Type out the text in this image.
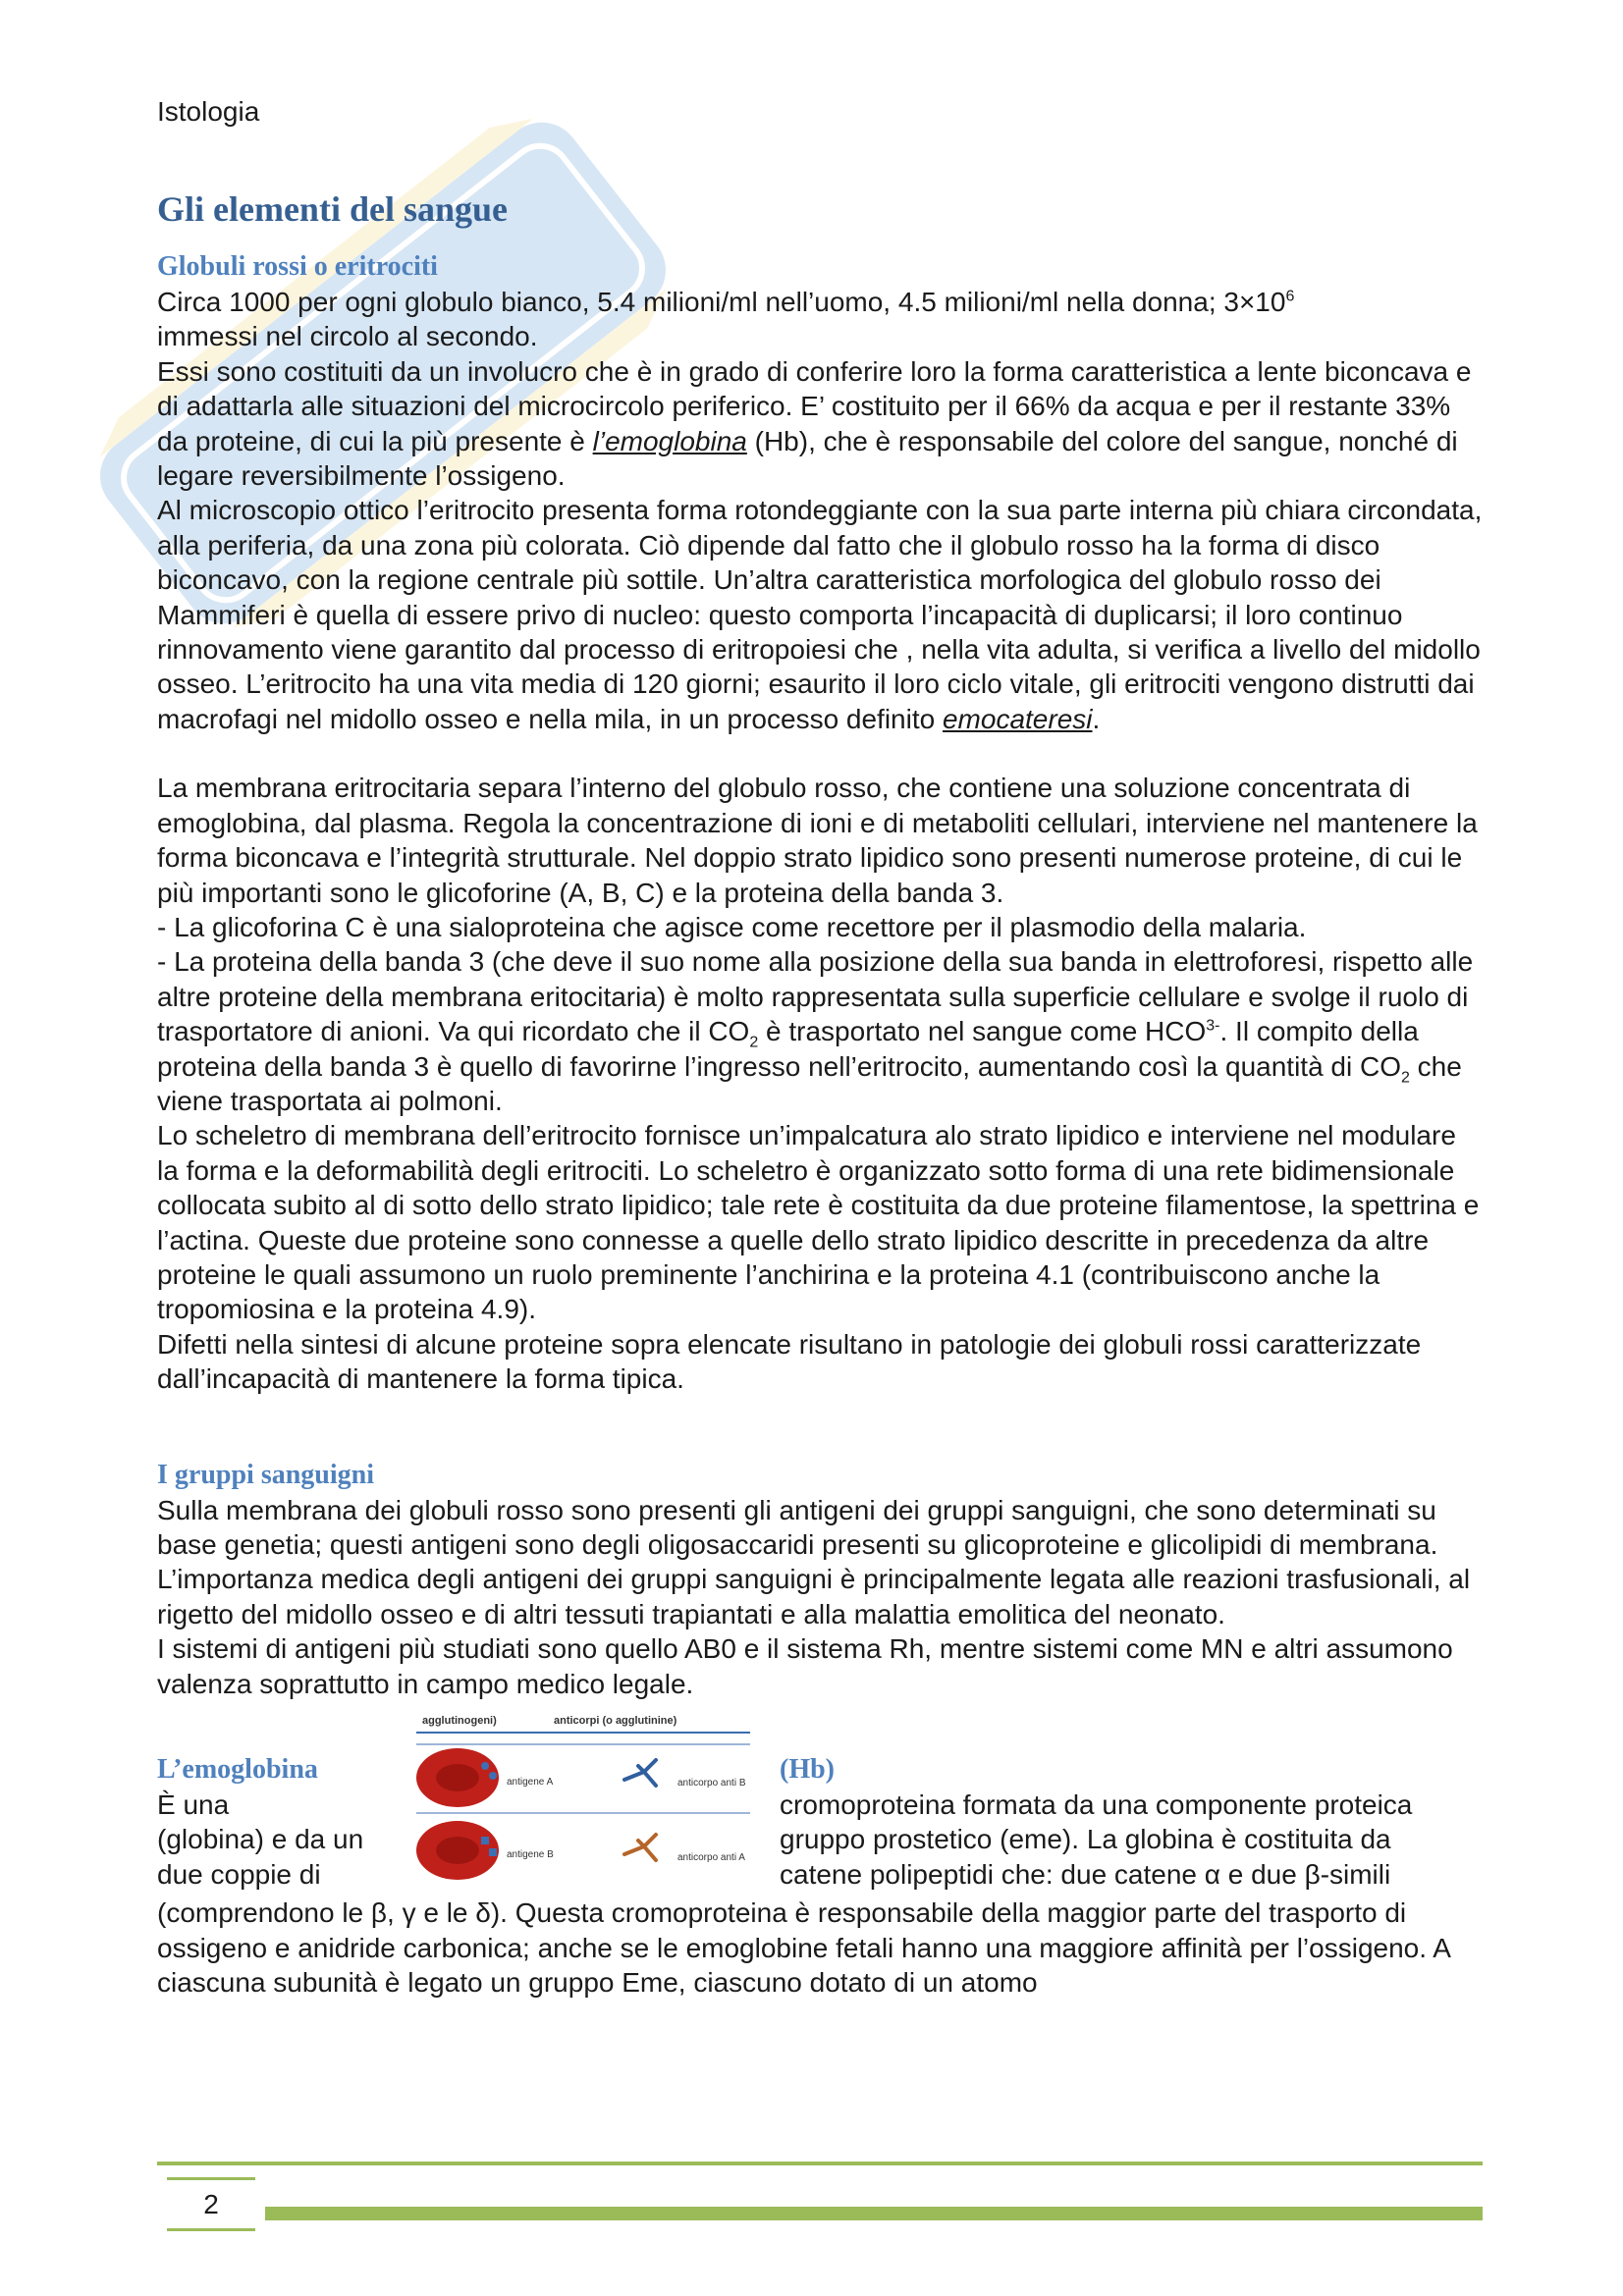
Istologia
Gli elementi del sangue
Globuli rossi o eritrociti

Circa 1000 per ogni globulo bianco, 5.4 milioni/ml nell’uomo, 4.5 milioni/ml nella donna; $3\times 10^6$
immessi nel circolo al secondo.

Essi sono costituiti da un involucro che è in grado di conferire loro la forma caratteristica a lente biconcava e di adattarla alle situazioni del microcircolo periferico. E’ costituito per il 66% da acqua e per il restante 33% da proteine, di cui la più presente è l’emoglobina (Hb), che è responsabile del colore del sangue, nonché di legare reversibilmente l’ossigeno.

Al microscopio ottico l’eritrocito presenta forma rotondeggiante con la sua parte interna più chiara circondata, alla periferia, da una zona più colorata. Ciò dipende dal fatto che il globulo rosso ha la forma di disco biconcavo, con la regione centrale più sottile. Un’altra caratteristica morfologica del globulo rosso dei Mammiferi è quella di essere privo di nucleo: questo comporta l’incapacità di duplicarsi; il loro continuo rinnovamento viene garantito dal processo di eritropoiesi che , nella vita adulta, si verifica a livello del midollo osseo. L’eritrocito ha una vita media di 120 giorni; esaurito il loro ciclo vitale, gli eritrociti vengono distrutti dai macrofagi nel midollo osseo e nella mila, in un processo definito emocateresi.

La membrana eritrocitaria separa l’interno del globulo rosso, che contiene una soluzione concentrata di emoglobina, dal plasma. Regola la concentrazione di ioni e di metaboliti cellulari, interviene nel mantenere la forma biconcava e l’integrità strutturale. Nel doppio strato lipidico sono presenti numerose proteine, di cui le più importanti sono le glicoforine (A, B, C) e la proteina della banda 3.

- La glicoforina C è una sialoproteina che agisce come recettore per il plasmodio della malaria.

- La proteina della banda 3 (che deve il suo nome alla posizione della sua banda in elettroforesi, rispetto alle altre proteine della membrana eritocitaria) è molto rappresentata sulla superficie cellulare e svolge il ruolo di trasportatore di anioni. Va qui ricordato che il $CO_2$ è trasportato nel sangue come $HCO^{3-}$. Il compito della proteina della banda 3 è quello di favorirne l’ingresso nell’eritrocito, aumentando così la quantità di $CO_2$ che viene trasportata ai polmoni.

Lo scheletro di membrana dell’eritrocito fornisce un’impalcatura alo strato lipidico e interviene nel modulare la forma e la deformabilità degli eritrociti. Lo scheletro è organizzato sotto forma di una rete bidimensionale collocata subito al di sotto dello strato lipidico; tale rete è costituita da due proteine filamentose, la spettrina e l’actina. Queste due proteine sono connesse a quelle dello strato lipidico descritte in precedenza da altre proteine le quali assumono un ruolo preminente l’anchirina e la proteina 4.1 (contribuiscono anche la tropomiosina e la proteina 4.9).

Difetti nella sintesi di alcune proteine sopra elencate risultano in patologie dei globuli rossi caratterizzate dall’incapacità di mantenere la forma tipica.

I gruppi sanguigni

Sulla membrana dei globuli rosso sono presenti gli antigeni dei gruppi sanguigni, che sono determinati su base genetia; questi antigeni sono degli oligosaccaridi presenti su glicoproteine e glicolipidi di membrana. L’importanza medica degli antigeni dei gruppi sanguigni è principalmente legata alle reazioni trasfusionali, al rigetto del midollo osseo e di altri tessuti trapiantati e alla malattia emolitica del neonato.

I sistemi di antigeni più studiati sono quello AB0 e il sistema Rh, mentre sistemi come MN e altri assumono valenza soprattutto in campo medico legale.

L’emoglobina
È una
(globina) e da un
due coppie di
agglutinogeni)	anticorpi (o agglutinine)
antigene A	anticorpo anti B
antigene B	anticorpo anti A
(Hb)
cromoproteina formata da una componente proteica
gruppo prostetico (eme). La globina è costituita da
catene polipeptidi che: due catene α e due β-simili

(comprendono le β, γ e le δ). Questa cromoproteina è responsabile della maggior parte del trasporto di ossigeno e anidride carbonica; anche se le emoglobine fetali hanno una maggiore affinità per l’ossigeno. A ciascuna subunità è legato un gruppo Eme, ciascuno dotato di un atomo

2
